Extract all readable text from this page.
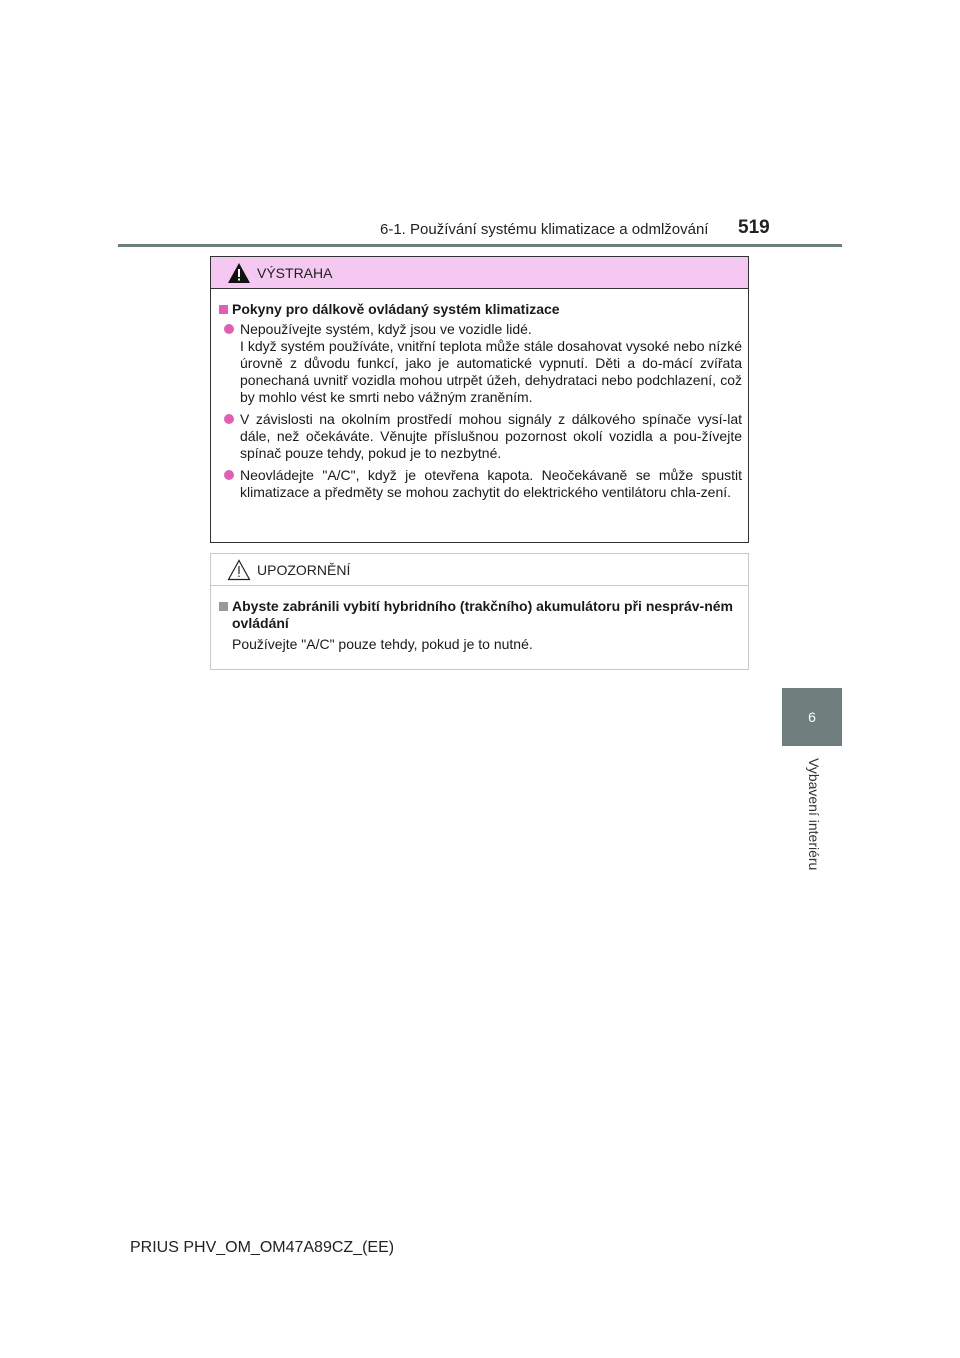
6-1. Používání systému klimatizace a odmlžování 519
6
Vybavení interiéru
VÝSTRAHA
Pokyny pro dálkově ovládaný systém klimatizace
Nepoužívejte systém, když jsou ve vozidle lidé.
I když systém používáte, vnitřní teplota může stále dosahovat vysoké nebo nízké úrovně z důvodu funkcí, jako je automatické vypnutí. Děti a do-mácí zvířata ponechaná uvnitř vozidla mohou utrpět úžeh, dehydrataci nebo podchlazení, což by mohlo vést ke smrti nebo vážným zraněním.
V závislosti na okolním prostředí mohou signály z dálkového spínače vysí-lat dále, než očekáváte. Věnujte příslušnou pozornost okolí vozidla a pou-žívejte spínač pouze tehdy, pokud je to nezbytné.
Neovládejte "A/C", když je otevřena kapota. Neočekávaně se může spustit klimatizace a předměty se mohou zachytit do elektrického ventilátoru chla-zení.
UPOZORNĚNÍ
Abyste zabránili vybití hybridního (trakčního) akumulátoru při nespráv-ném ovládání
Používejte "A/C" pouze tehdy, pokud je to nutné.
PRIUS PHV_OM_OM47A89CZ_(EE)
